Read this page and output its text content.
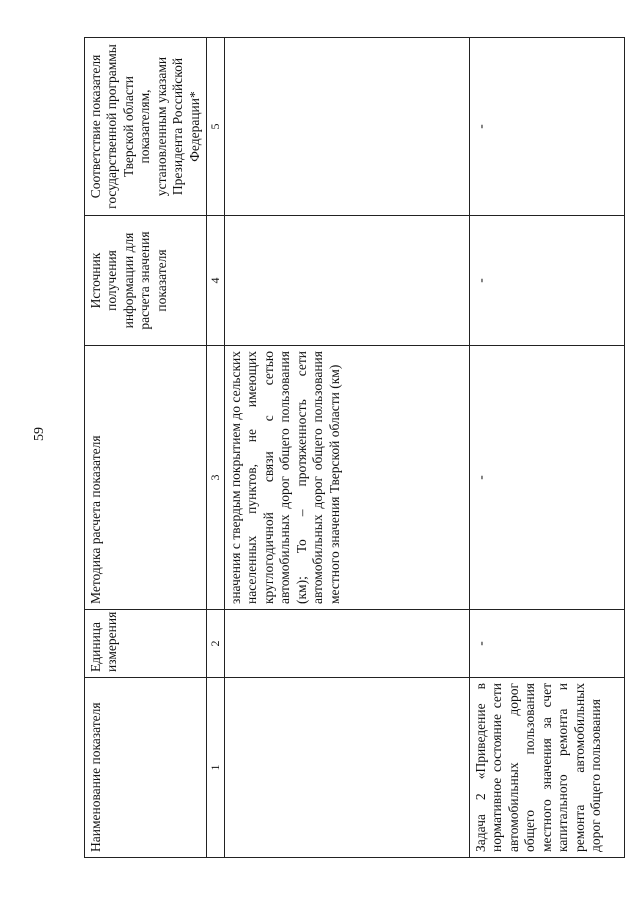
59
Наименование показателя	Единица измерения	Методика расчета показателя	Источник получения информации для расчета значения показателя	Соответствие показателя государственной программы Тверской области показателям, установленным указами Президента Российской Федерации*
1	2	3	4	5
		значения с твердым покрытием до сельских населенных пунктов, не имеющих круглогодичной связи с сетью автомобильных дорог общего пользования (км); То – протяженность сети автомобильных дорог общего пользования местного значения Тверской области (км)		
Задача 2 «Приведение в нормативное состояние сети автомобильных дорог общего пользования местного значения за счет капитального ремонта и ремонта автомобильных дорог общего пользования	-	-	-	-
